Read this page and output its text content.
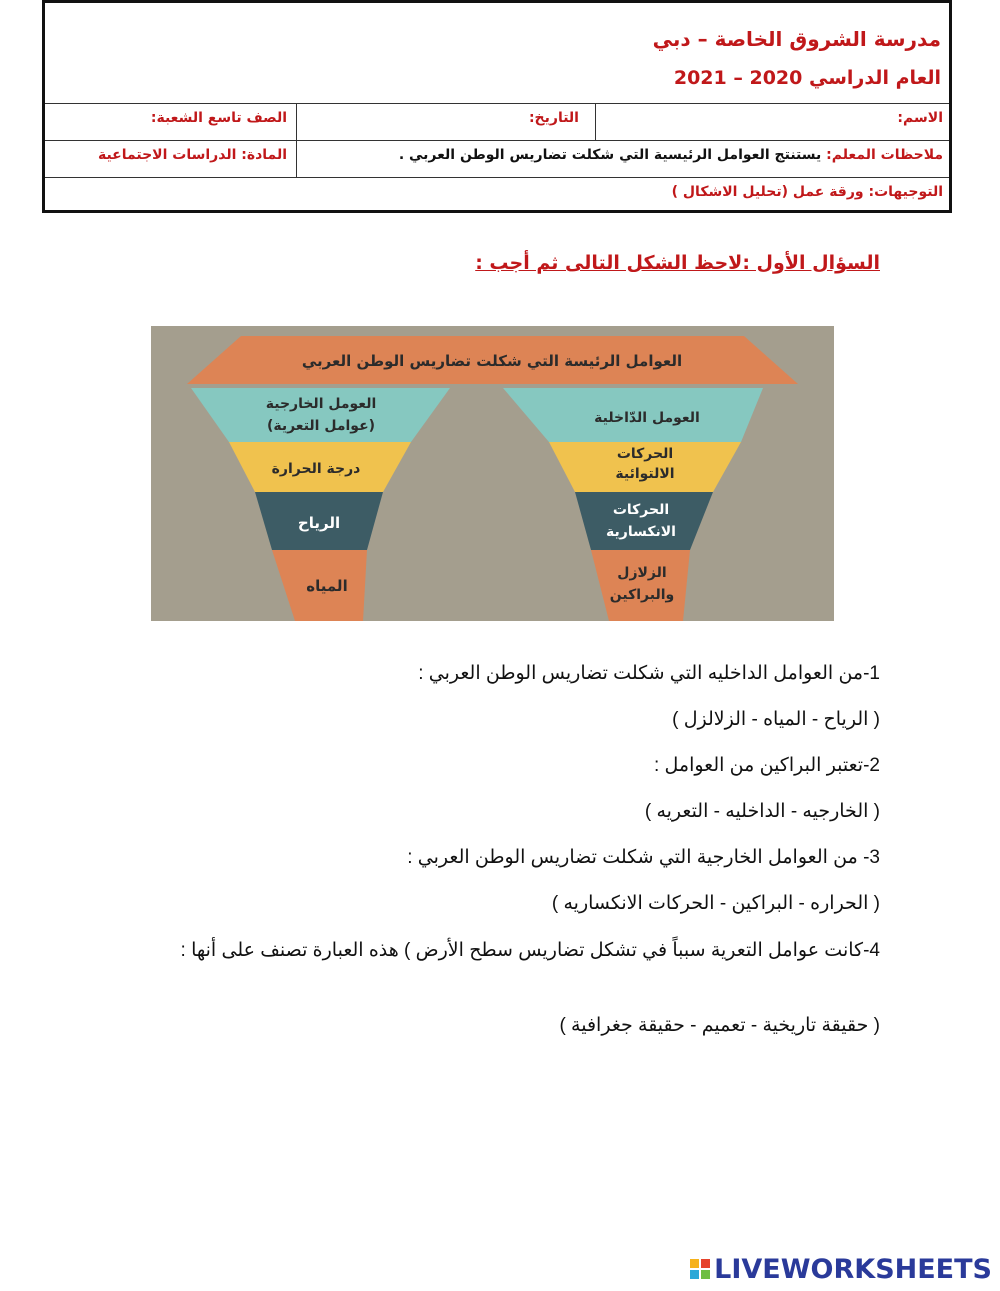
مدرسة الشروق الخاصة – دبي
العام الدراسي 2020 – 2021
الاسم:
التاريخ:
الصف تاسع الشعبة:
ملاحظات المعلم: يستنتج العوامل الرئيسية التي شكلت تضاريس الوطن العربي .
المادة: الدراسات الاجتماعية
التوجيهات: ورقة عمل (تحليل الاشكال )
السؤال الأول :لاحظ الشكل التالى ثم أجب :
العوامل الرئيسة التي شكلت تضاريس الوطن العربي
العومل الخارجية
(عوامل التعرية)
درجة الحرارة
الرياح
المياه
العومل الدّاخلية
الحركات
الالتوائية
الحركات
الانكسارية
الزلازل
والبراكين
1-من العوامل الداخليه التي شكلت تضاريس الوطن العربي :
( الرياح - المياه - الزلالزل )
2-تعتبر البراكين من العوامل :
( الخارجيه - الداخليه - التعريه )
3- من العوامل الخارجية التي شكلت تضاريس الوطن العربي :
( الحراره - البراكين - الحركات الانكساريه )
4-كانت عوامل التعرية سبباً في تشكل تضاريس سطح الأرض ) هذه العبارة تصنف على أنها :
( حقيقة تاريخية - تعميم - حقيقة جغرافية )
LIVEWORKSHEETS
